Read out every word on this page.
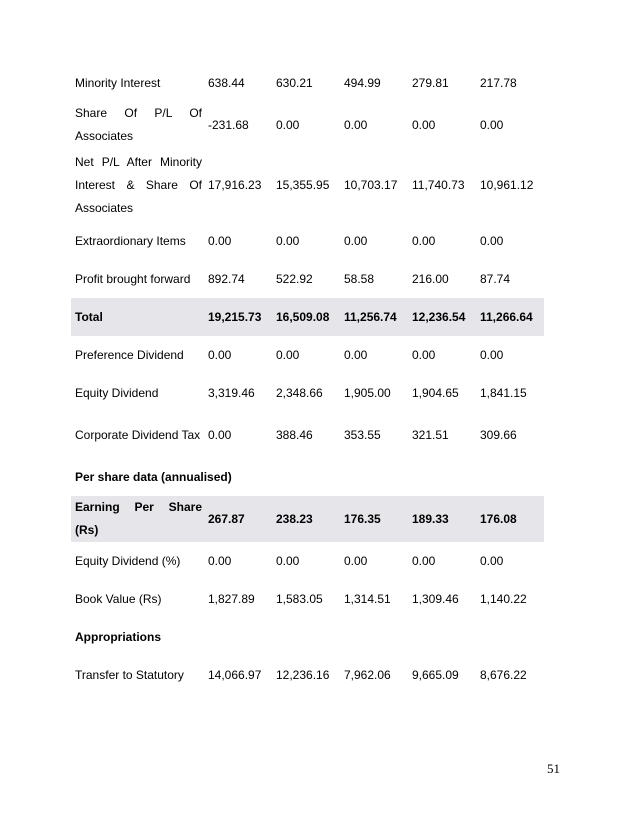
Minority Interest	638.44	630.21	494.99	279.81	217.78
Share Of P/L Of Associates	-231.68	0.00	0.00	0.00	0.00
Net P/L After Minority Interest & Share Of Associates	17,916.23	15,355.95	10,703.17	11,740.73	10,961.12
Extraordionary Items	0.00	0.00	0.00	0.00	0.00
Profit brought forward	892.74	522.92	58.58	216.00	87.74
Total	19,215.73	16,509.08	11,256.74	12,236.54	11,266.64
Preference Dividend	0.00	0.00	0.00	0.00	0.00
Equity Dividend	3,319.46	2,348.66	1,905.00	1,904.65	1,841.15
Corporate Dividend Tax	0.00	388.46	353.55	321.51	309.66
Per share data (annualised)					
Earning Per Share (Rs)	267.87	238.23	176.35	189.33	176.08
Equity Dividend (%)	0.00	0.00	0.00	0.00	0.00
Book Value (Rs)	1,827.89	1,583.05	1,314.51	1,309.46	1,140.22
Appropriations					
Transfer to Statutory	14,066.97	12,236.16	7,962.06	9,665.09	8,676.22
51
